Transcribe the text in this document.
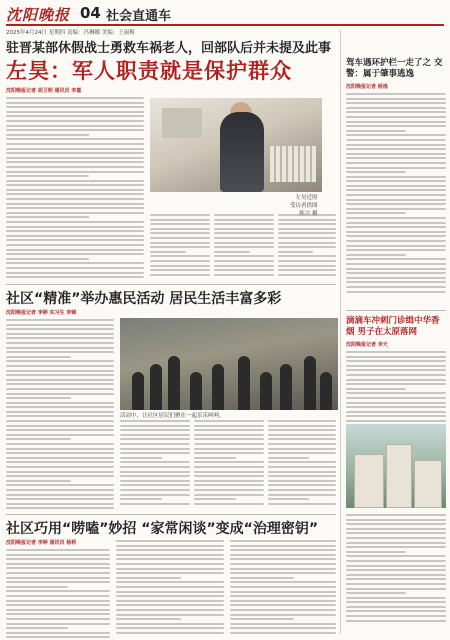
沈阳晚报 04 社会直通车
2025年4月24日 星期四 责编：冯琳娜 美编：王丽梅
驻晋某部休假战士勇救车祸老人，回部队后并未提及此事
左昊：军人职责就是保护群众
沈阳晚报记者 胡卫明 通讯员 李嘉
左昊近照
受访者供图
社区“精准”举办惠民活动 居民生活丰富多彩
沈阳晚报记者 李婷 实习生 李锦
活动中，让社区居民们聚在一起乐乐呵呵。
社区巧用“唠嗑”妙招 “家常闲谈”变成“治理密钥”
沈阳晚报记者 李婷 通讯员 杨莉
驾车遇环护栏一走了之 交警：属于肇事逃逸
沈阳晚报记者 杨逸
滴滴车冲刺门诊缉中华香烟 男子在太原落网
沈阳晚报记者 李天
